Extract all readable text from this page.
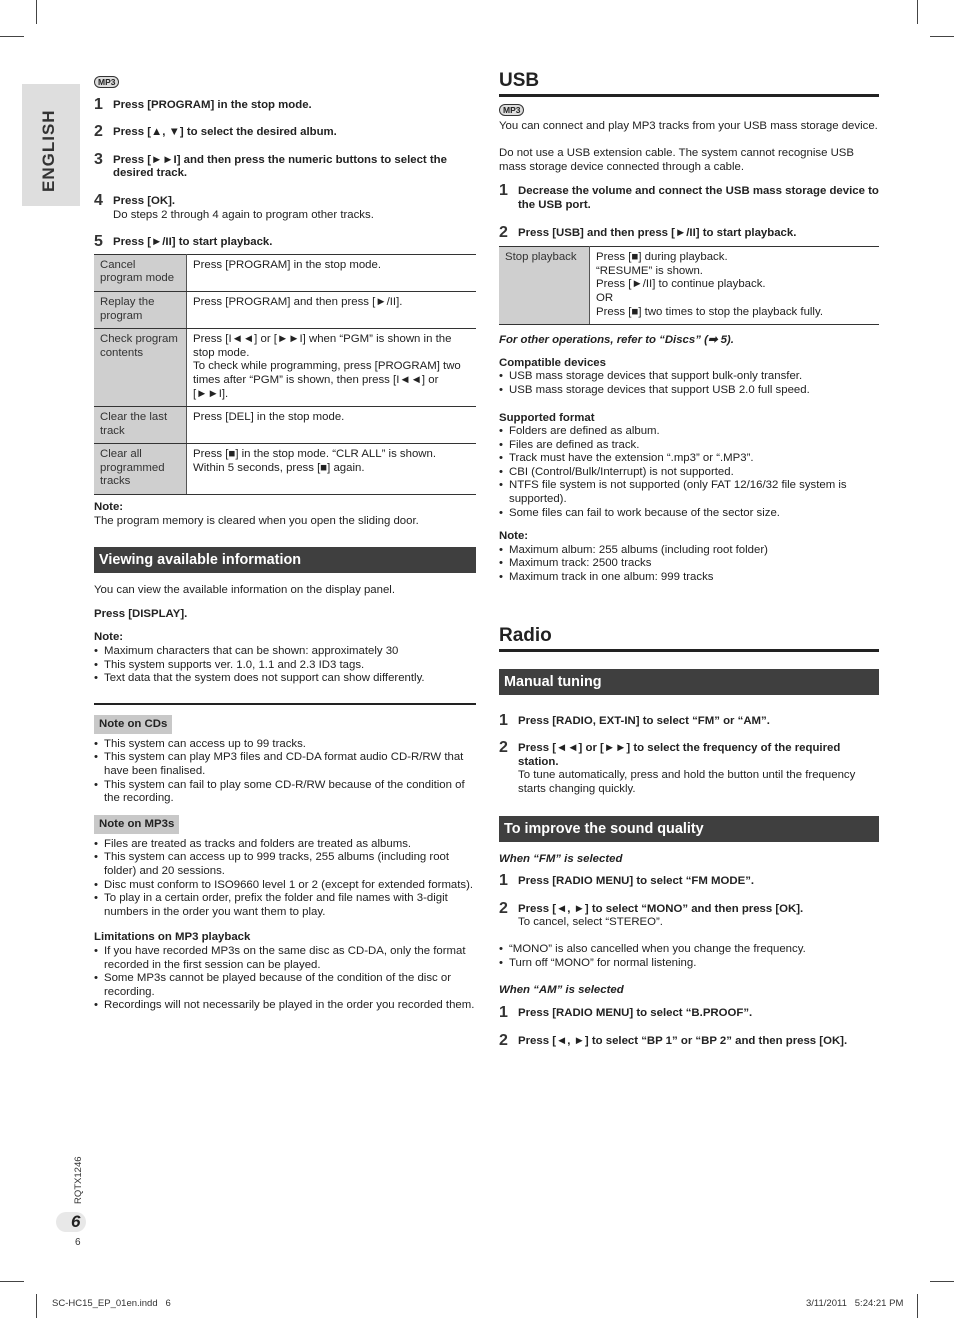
ENGLISH
MP3
1 Press [PROGRAM] in the stop mode.
2 Press [▲, ▼] to select the desired album.
3 Press [►►I] and then press the numeric buttons to select the desired track.
4 Press [OK].
Do steps 2 through 4 again to program other tracks.
5 Press [►/II] to start playback.
Cancel program mode	Press [PROGRAM] in the stop mode.
Replay the program	Press [PROGRAM] and then press [►/II].
Check program contents	Press [I◄◄] or [►►I] when “PGM” is shown in the stop mode.
To check while programming, press [PROGRAM] two times after “PGM” is shown, then press [I◄◄] or [►►I].
Clear the last track	Press [DEL] in the stop mode.
Clear all programmed tracks	Press [■] in the stop mode. “CLR ALL” is shown. Within 5 seconds, press [■] again.
Note:
The program memory is cleared when you open the sliding door.
Viewing available information
You can view the available information on the display panel.
Press [DISPLAY].
Note:
• Maximum characters that can be shown: approximately 30
• This system supports ver. 1.0, 1.1 and 2.3 ID3 tags.
• Text data that the system does not support can show differently.
Note on CDs
• This system can access up to 99 tracks.
• This system can play MP3 files and CD-DA format audio CD-R/RW that have been finalised.
• This system can fail to play some CD-R/RW because of the condition of the recording.
Note on MP3s
• Files are treated as tracks and folders are treated as albums.
• This system can access up to 999 tracks, 255 albums (including root folder) and 20 sessions.
• Disc must conform to ISO9660 level 1 or 2 (except for extended formats).
• To play in a certain order, prefix the folder and file names with 3-digit numbers in the order you want them to play.
Limitations on MP3 playback
• If you have recorded MP3s on the same disc as CD-DA, only the format recorded in the first session can be played.
• Some MP3s cannot be played because of the condition of the disc or recording.
• Recordings will not necessarily be played in the order you recorded them.
USB
MP3
You can connect and play MP3 tracks from your USB mass storage device.
Do not use a USB extension cable. The system cannot recognise USB mass storage device connected through a cable.
1 Decrease the volume and connect the USB mass storage device to the USB port.
2 Press [USB] and then press [►/II] to start playback.
Stop playback	Press [■] during playback.
“RESUME” is shown.
Press [►/II] to continue playback.
OR
Press [■] two times to stop the playback fully.
For other operations, refer to “Discs” (➡ 5).
Compatible devices
• USB mass storage devices that support bulk-only transfer.
• USB mass storage devices that support USB 2.0 full speed.
Supported format
• Folders are defined as album.
• Files are defined as track.
• Track must have the extension “.mp3” or “.MP3”.
• CBI (Control/Bulk/Interrupt) is not supported.
• NTFS file system is not supported (only FAT 12/16/32 file system is supported).
• Some files can fail to work because of the sector size.
Note:
• Maximum album: 255 albums (including root folder)
• Maximum track: 2500 tracks
• Maximum track in one album: 999 tracks
Radio
Manual tuning
1 Press [RADIO, EXT-IN] to select “FM” or “AM”.
2 Press [◄◄] or [►►] to select the frequency of the required station.
To tune automatically, press and hold the button until the frequency starts changing quickly.
To improve the sound quality
When “FM” is selected
1 Press [RADIO MENU] to select “FM MODE”.
2 Press [◄, ►] to select “MONO” and then press [OK].
To cancel, select “STEREO”.
• “MONO” is also cancelled when you change the frequency.
• Turn off “MONO” for normal listening.
When “AM” is selected
1 Press [RADIO MENU] to select “B.PROOF”.
2 Press [◄, ►] to select “BP 1” or “BP 2” and then press [OK].
RQTX1246
6
6
SC-HC15_EP_01en.indd   6	3/11/2011   5:24:21 PM
